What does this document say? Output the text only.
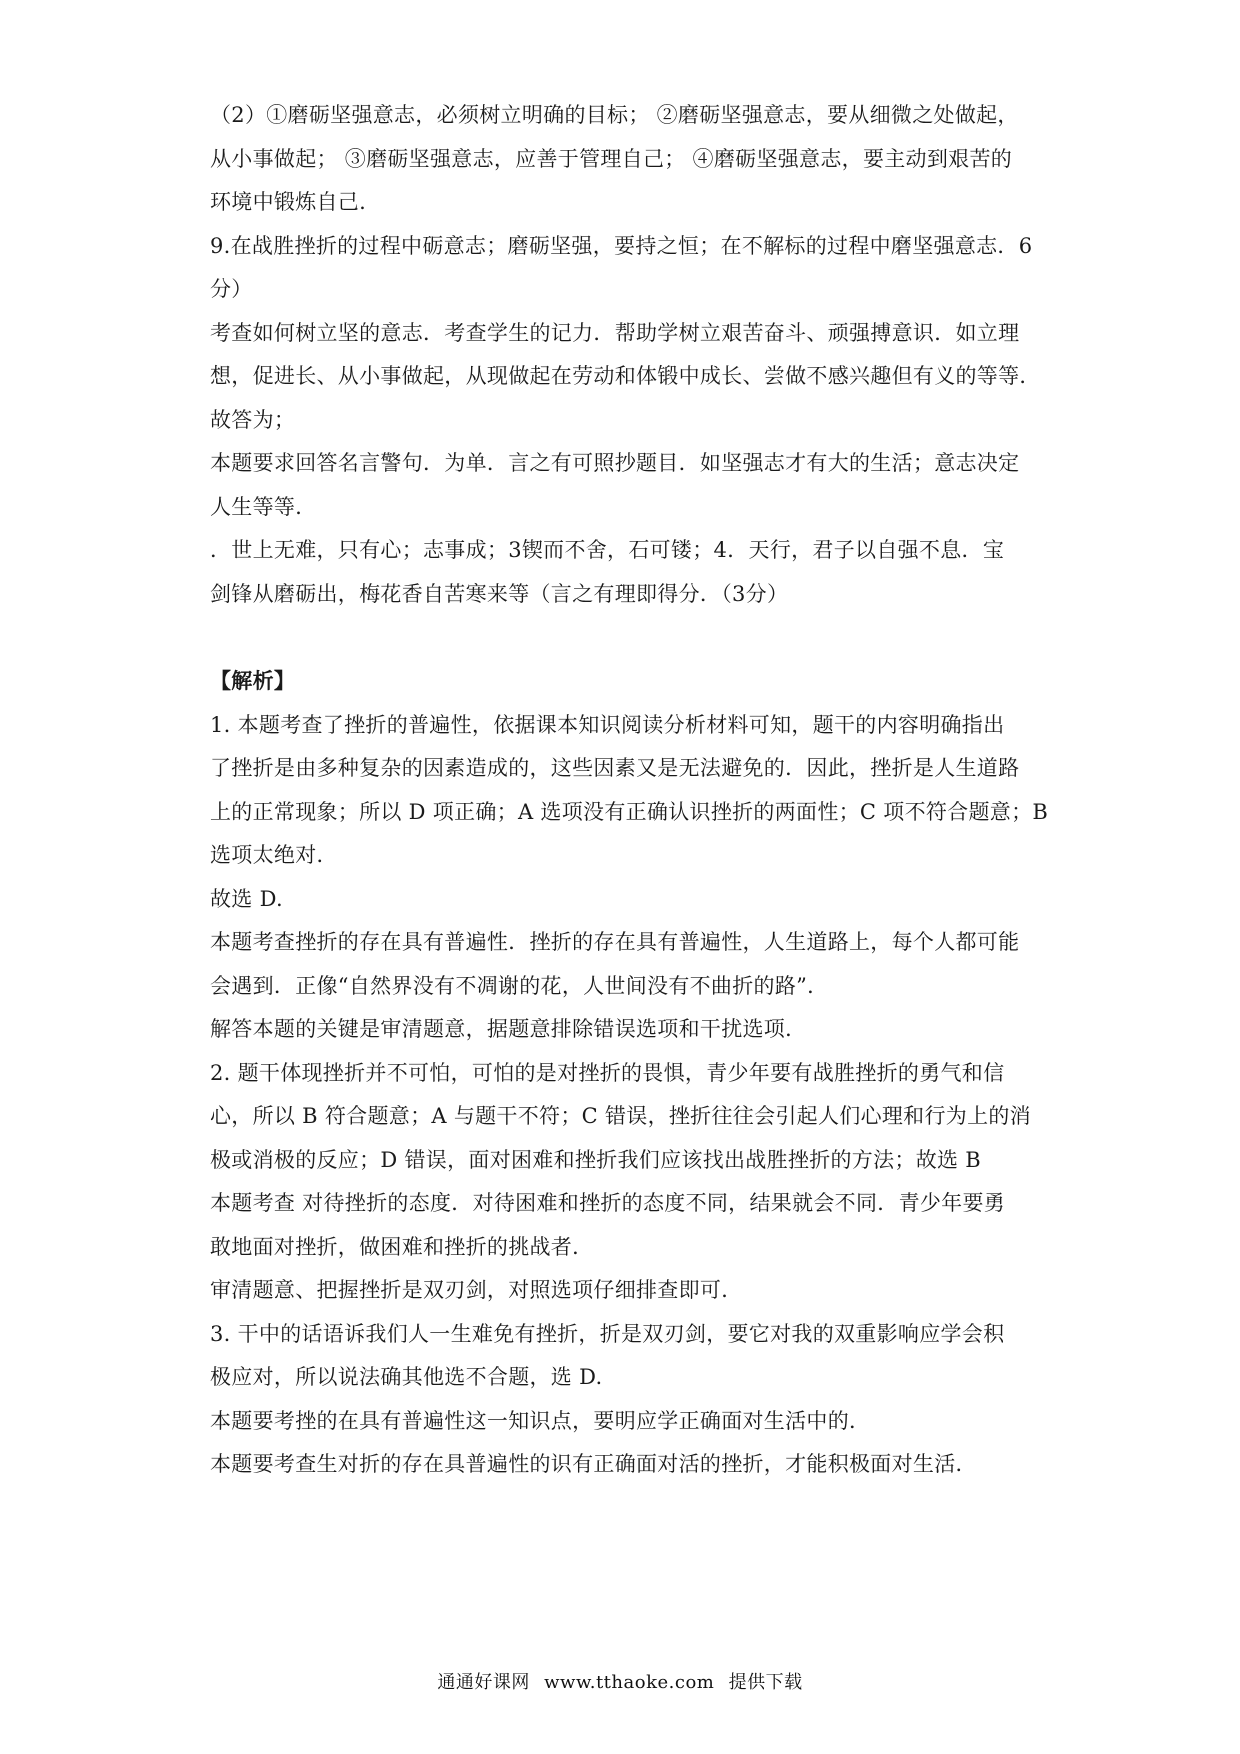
（2）①磨砺坚强意志，必须树立明确的目标； ②磨砺坚强意志，要从细微之处做起，
从小事做起； ③磨砺坚强意志，应善于管理自己； ④磨砺坚强意志，要主动到艰苦的
环境中锻炼自己.
9.在战胜挫折的过程中砺意志；磨砺坚强，要持之恒；在不解标的过程中磨坚强意志．6
分）
考查如何树立坚的意志．考查学生的记力．帮助学树立艰苦奋斗、顽强搏意识．如立理
想，促进长、从小事做起，从现做起在劳动和体锻中成长、尝做不感兴趣但有义的等等．
故答为；
本题要求回答名言警句．为单．言之有可照抄题目．如坚强志才有大的生活；意志决定
人生等等．
．世上无难，只有心；志事成；3锲而不舍，石可镂；4．天行，君子以自强不息．宝
剑锋从磨砺出，梅花香自苦寒来等（言之有理即得分．（3分）
【解析】
1. 本题考查了挫折的普遍性，依据课本知识阅读分析材料可知，题干的内容明确指出
了挫折是由多种复杂的因素造成的，这些因素又是无法避免的．因此，挫折是人生道路
上的正常现象；所以 D 项正确；A 选项没有正确认识挫折的两面性；C 项不符合题意；B
选项太绝对．
故选 D.
本题考查挫折的存在具有普遍性．挫折的存在具有普遍性，人生道路上，每个人都可能
会遇到．正像“自然界没有不凋谢的花，人世间没有不曲折的路”．
解答本题的关键是审清题意，据题意排除错误选项和干扰选项．
2. 题干体现挫折并不可怕，可怕的是对挫折的畏惧，青少年要有战胜挫折的勇气和信
心，所以 B 符合题意；A 与题干不符；C 错误，挫折往往会引起人们心理和行为上的消
极或消极的反应；D 错误，面对困难和挫折我们应该找出战胜挫折的方法；故选 B
本题考查 对待挫折的态度．对待困难和挫折的态度不同，结果就会不同．青少年要勇
敢地面对挫折，做困难和挫折的挑战者．
审清题意、把握挫折是双刃剑，对照选项仔细排查即可．
3. 干中的话语诉我们人一生难免有挫折，折是双刃剑，要它对我的双重影响应学会积
极应对，所以说法确其他选不合题，选 D.
本题要考挫的在具有普遍性这一知识点，要明应学正确面对生活中的．
本题要考查生对折的存在具普遍性的识有正确面对活的挫折，才能积极面对生活．
通通好课网 www.tthaoke.com 提供下载
